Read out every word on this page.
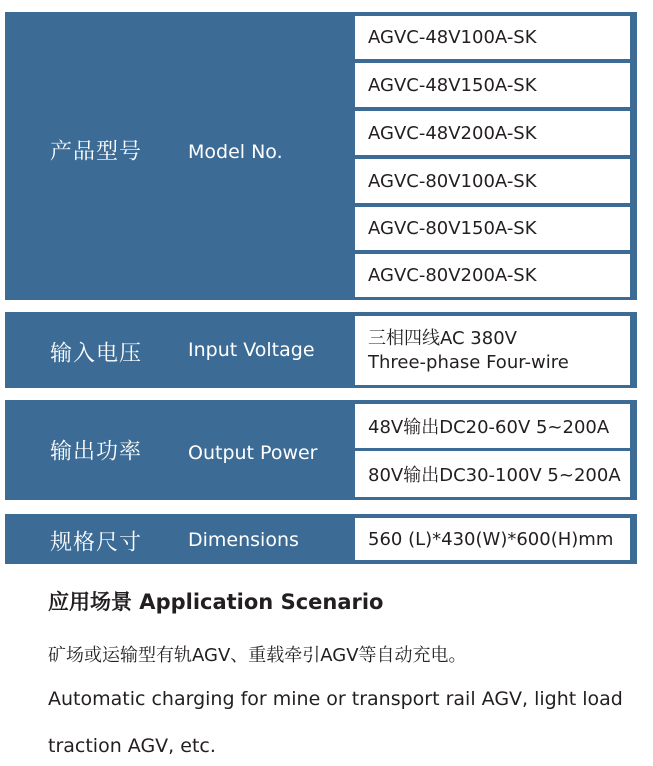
产品型号 Model No.
AGVC-48V100A-SK
AGVC-48V150A-SK
AGVC-48V200A-SK
AGVC-80V100A-SK
AGVC-80V150A-SK
AGVC-80V200A-SK
输入电压 Input Voltage
三相四线AC 380V
Three-phase Four-wire
输出功率 Output Power
48V输出DC20-60V 5~200A
80V输出DC30-100V 5~200A
规格尺寸 Dimensions	560 (L)*430(W)*600(H)mm
应用场景 Application Scenario
矿场或运输型有轨AGV、重载牵引AGV等自动充电。
Automatic charging for mine or transport rail AGV, light load
traction AGV, etc.
